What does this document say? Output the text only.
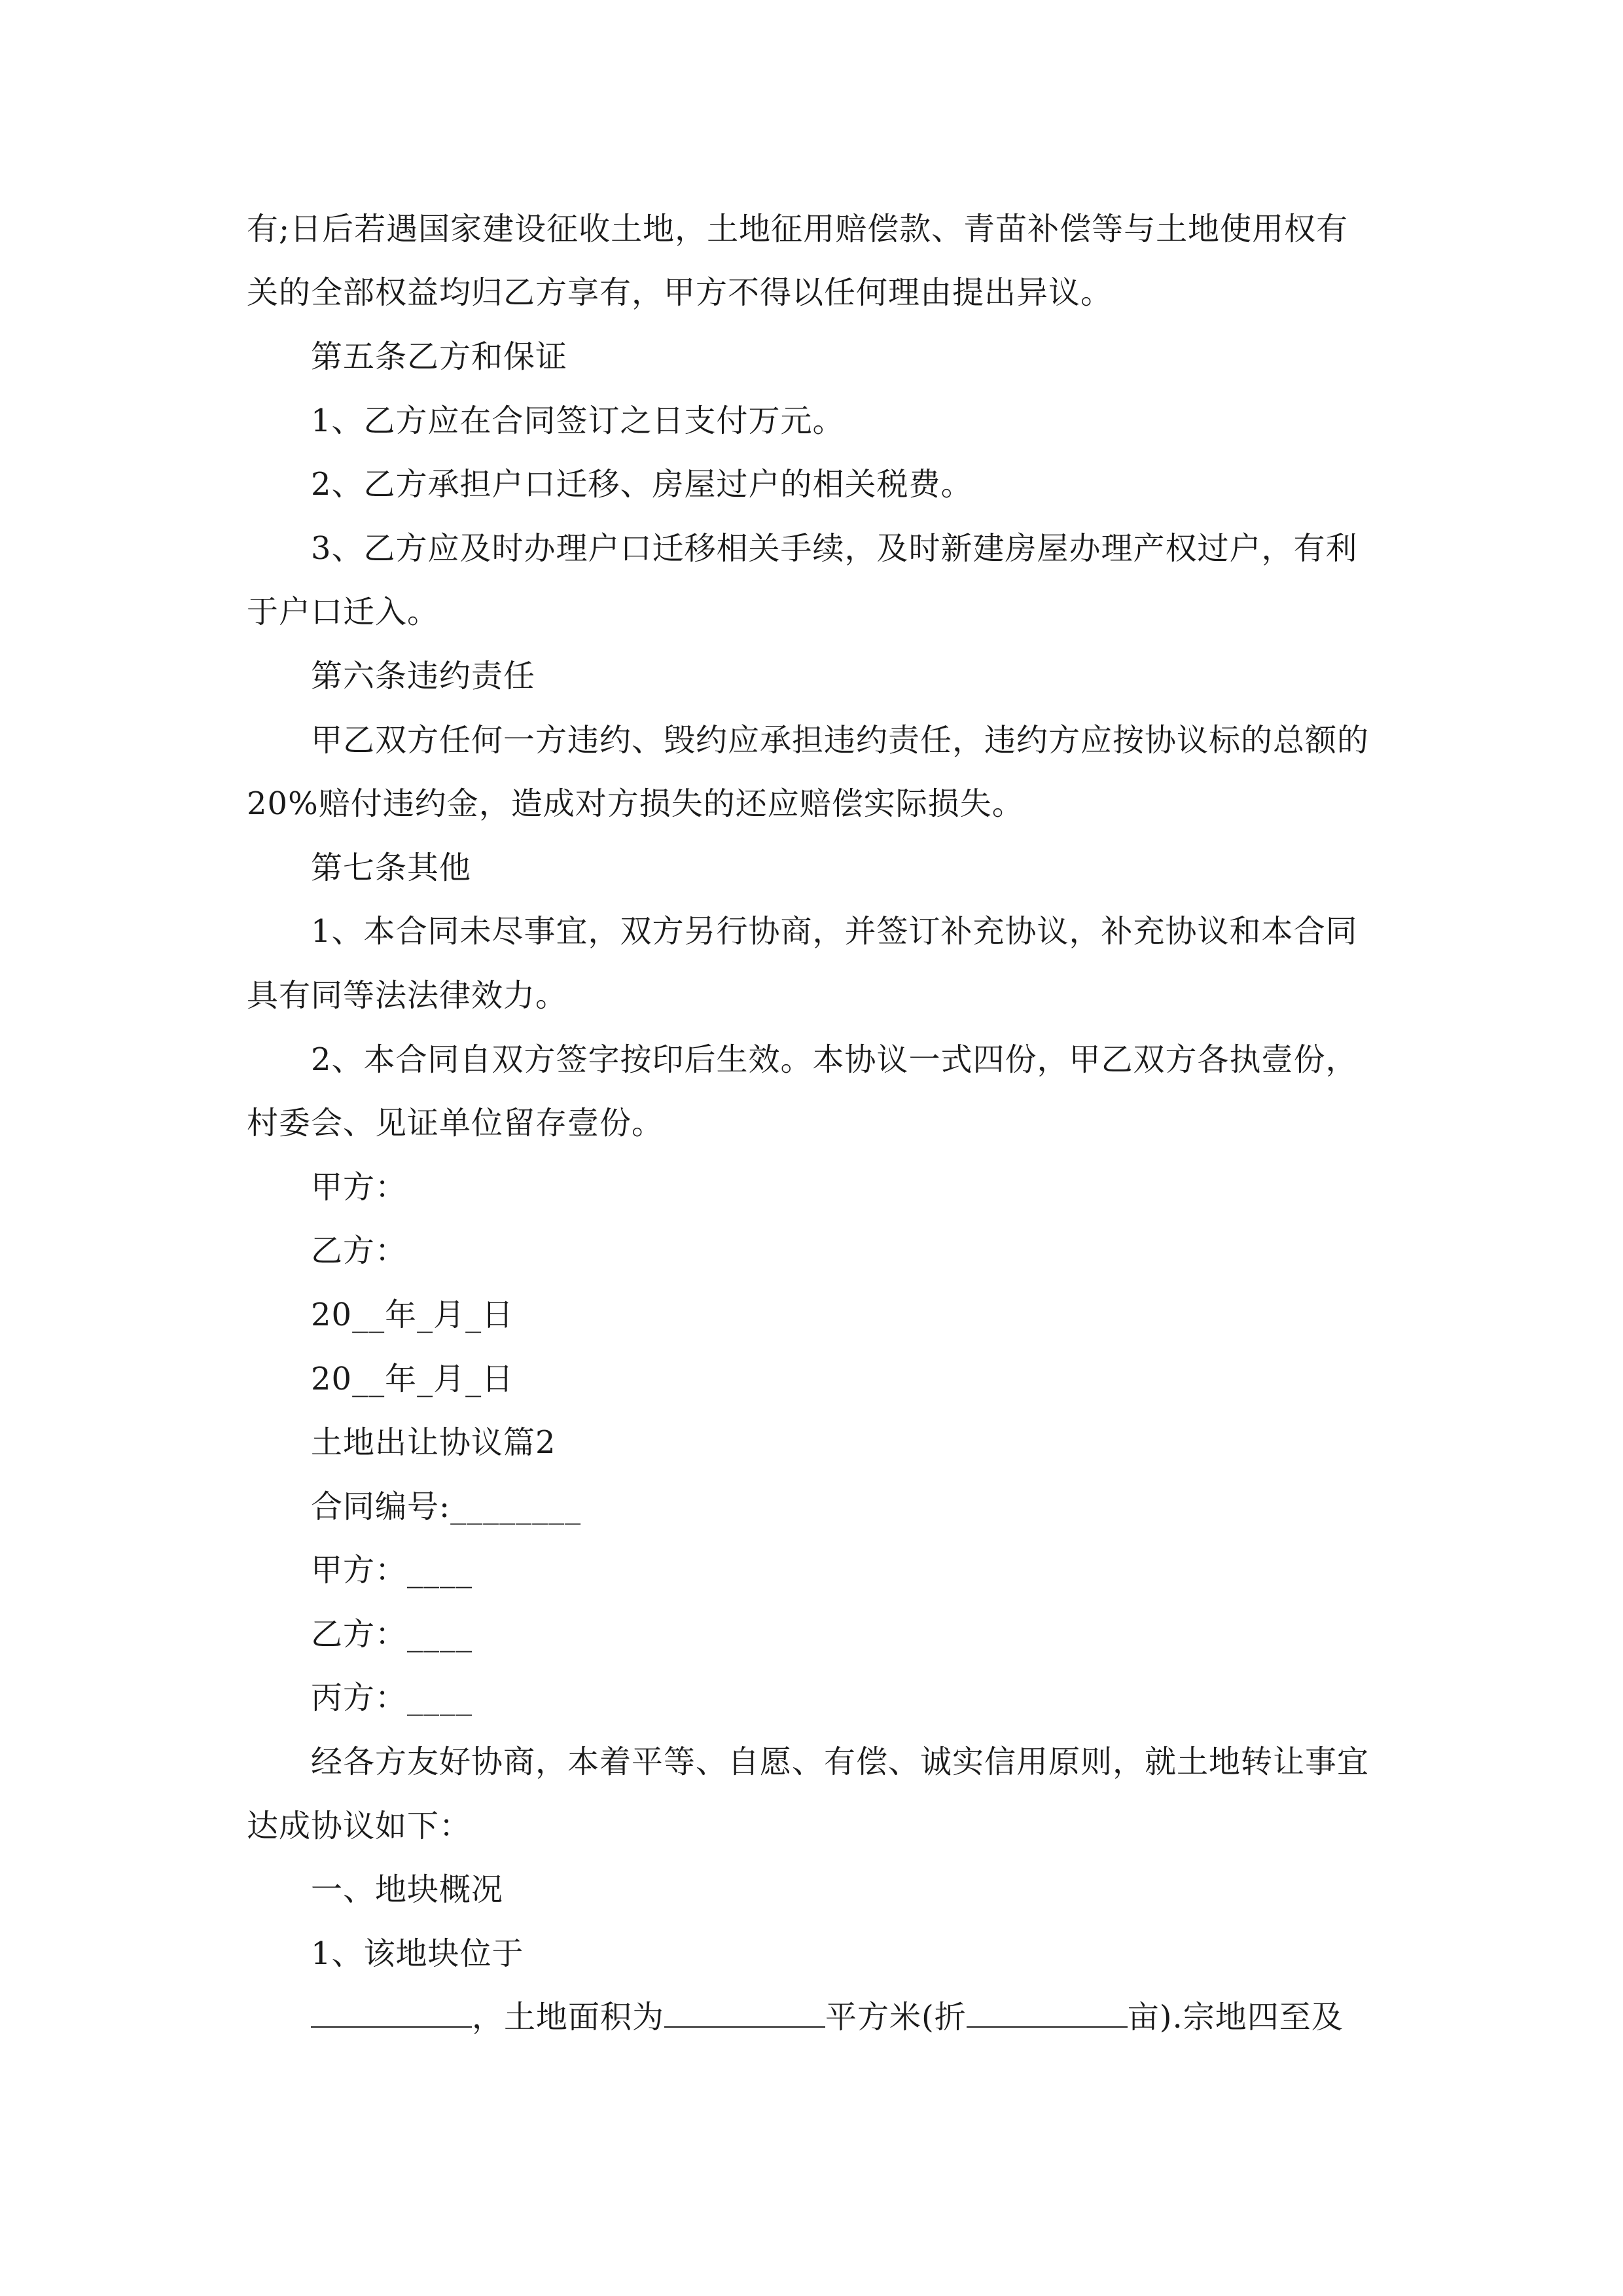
有;日后若遇国家建设征收土地，土地征用赔偿款、青苗补偿等与土地使用权有
关的全部权益均归乙方享有，甲方不得以任何理由提出异议。
第五条乙方和保证
1、乙方应在合同签订之日支付万元。
2、乙方承担户口迁移、房屋过户的相关税费。
3、乙方应及时办理户口迁移相关手续，及时新建房屋办理产权过户，有利
于户口迁入。
第六条违约责任
甲乙双方任何一方违约、毁约应承担违约责任，违约方应按协议标的总额的
20%赔付违约金，造成对方损失的还应赔偿实际损失。
第七条其他
1、本合同未尽事宜，双方另行协商，并签订补充协议，补充协议和本合同
具有同等法法律效力。
2、本合同自双方签字按印后生效。本协议一式四份，甲乙双方各执壹份，
村委会、见证单位留存壹份。
甲方：
乙方：
20__年_月_日
20__年_月_日
土地出让协议篇2
合同编号:________
甲方：____
乙方：____
丙方：____
经各方友好协商，本着平等、自愿、有偿、诚实信用原则，就土地转让事宜
达成协议如下：
一、地块概况
1、该地块位于
，土地面积为	平方米(折	亩).宗地四至及
